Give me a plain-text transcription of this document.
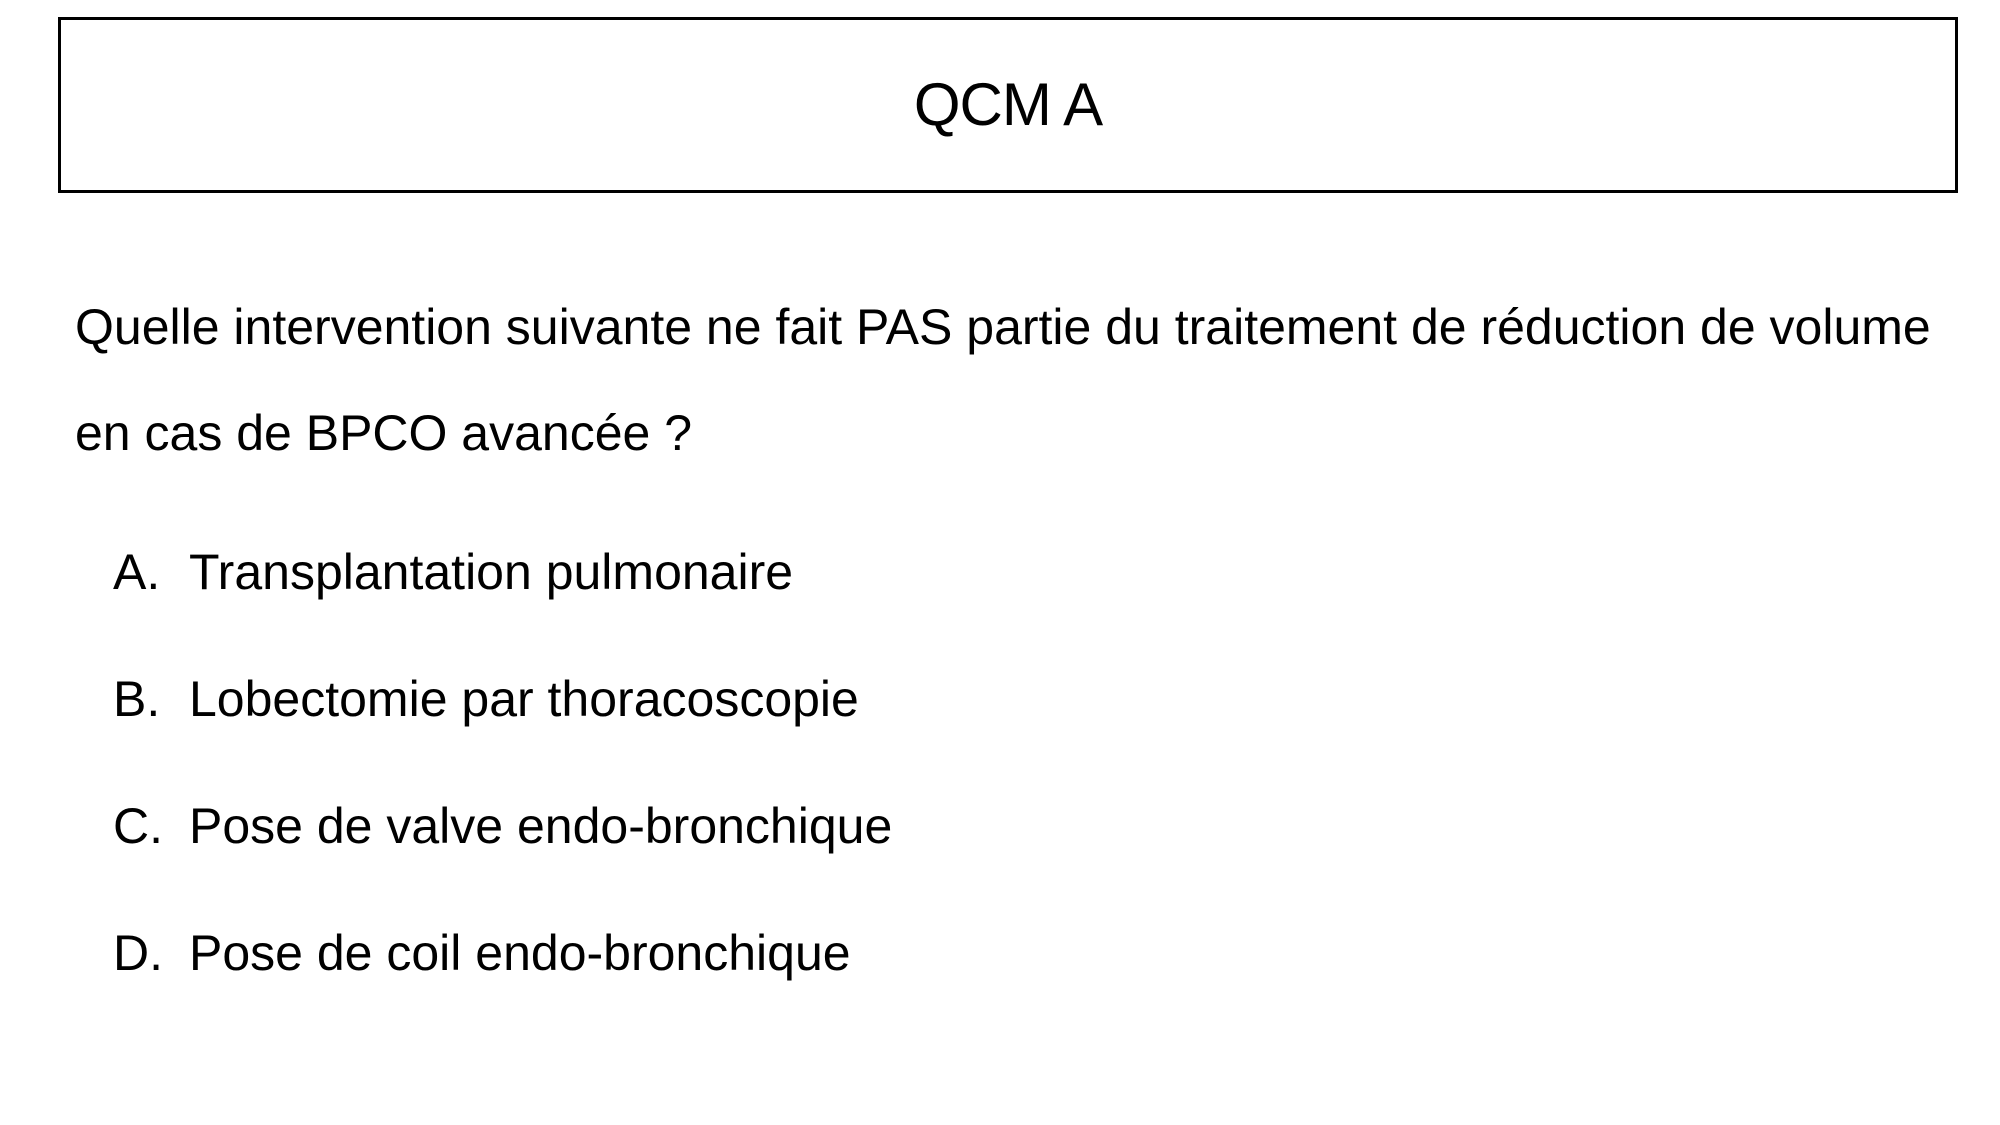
QCM A
Quelle intervention suivante ne fait PAS partie du traitement de réduction de volume en cas de BPCO avancée ?
A. Transplantation pulmonaire
B. Lobectomie par thoracoscopie
C. Pose de valve endo-bronchique
D. Pose de coil endo-bronchique
